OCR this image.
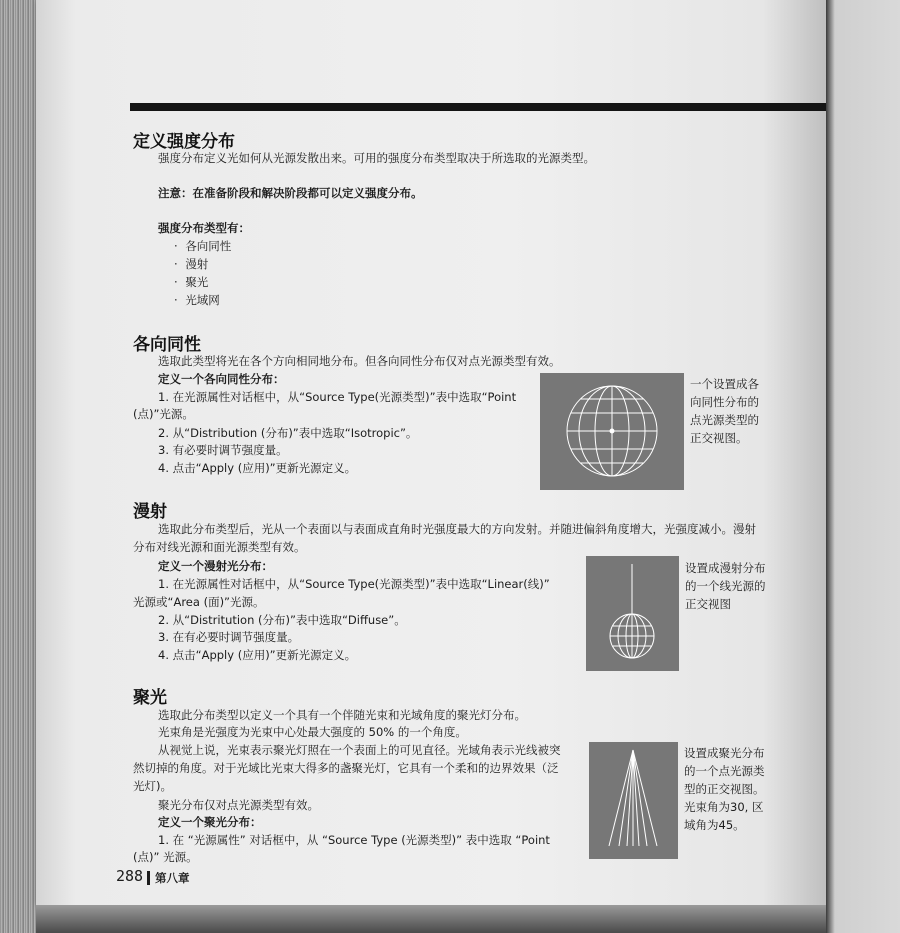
定义强度分布

强度分布定义光如何从光源发散出来。可用的强度分布类型取决于所选取的光源类型。

注意：在准备阶段和解决阶段都可以定义强度分布。

强度分布类型有：

· 各向同性
· 漫射
· 聚光
· 光域网
各向同性

选取此类型将光在各个方向相同地分布。但各向同性分布仅对点光源类型有效。

定义一个各向同性分布：

1. 在光源属性对话框中，从“Source Type(光源类型)”表中选取“Point

(点)”光源。

2. 从“Distribution (分布)”表中选取“Isotropic”。

3. 有必要时调节强度量。

4. 点击“Apply (应用)”更新光源定义。

一个设置成各

向同性分布的

点光源类型的

正交视图。

漫射

选取此分布类型后，光从一个表面以与表面成直角时光强度最大的方向发射。并随进偏斜角度增大，光强度减小。漫射

分布对线光源和面光源类型有效。

定义一个漫射光分布：

1. 在光源属性对话框中，从“Source Type(光源类型)”表中选取“Linear(线)”

光源或“Area (面)”光源。

2. 从“Distritution (分布)”表中选取“Diffuse”。

3. 在有必要时调节强度量。

4. 点击“Apply (应用)”更新光源定义。

设置成漫射分布

的一个线光源的

正交视图

聚光

选取此分布类型以定义一个具有一个伴随光束和光域角度的聚光灯分布。

光束角是光强度为光束中心处最大强度的 50% 的一个角度。

从视觉上说，光束表示聚光灯照在一个表面上的可见直径。光域角表示光线被突

然切掉的角度。对于光域比光束大得多的盏聚光灯，它具有一个柔和的边界效果（泛

光灯)。

聚光分布仅对点光源类型有效。

定义一个聚光分布：

1. 在 “光源属性” 对话框中，从 “Source Type (光源类型)” 表中选取 “Point

(点)” 光源。

设置成聚光分布

的一个点光源类

型的正交视图。

光束角为30, 区

域角为45。

288 第八章
